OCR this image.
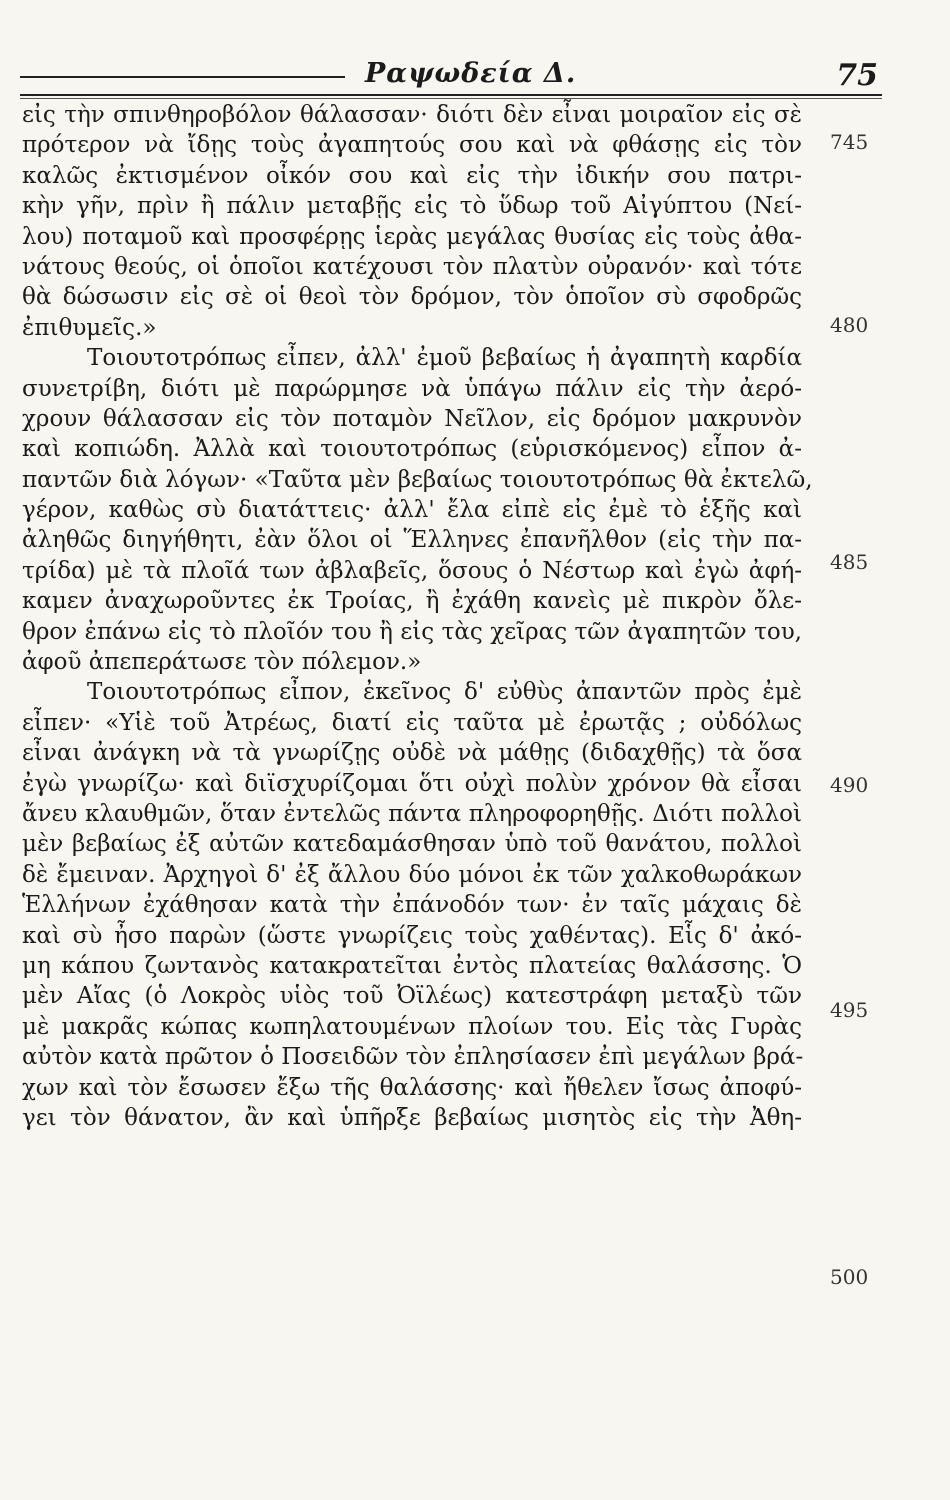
Ραψωδεία Δ.	75
εἰς τὴν σπινθηροβόλον θάλασσαν· διότι δὲν εἶναι μοιραῖον εἰς σὲ
πρότερον νὰ ἴδῃς τοὺς ἀγαπητούς σου καὶ νὰ φθάσῃς εἰς τὸν
καλῶς ἐκτισμένον οἶκόν σου καὶ εἰς τὴν ἰδικήν σου πατρι-
κὴν γῆν, πρὶν ἢ πάλιν μεταβῇς εἰς τὸ ὕδωρ τοῦ Αἰγύπτου (Νεί-
λου) ποταμοῦ καὶ προσφέρῃς ἱερὰς μεγάλας θυσίας εἰς τοὺς ἀθα-
νάτους θεούς, οἱ ὁποῖοι κατέχουσι τὸν πλατὺν οὐρανόν· καὶ τότε
θὰ δώσωσιν εἰς σὲ οἱ θεοὶ τὸν δρόμον, τὸν ὁποῖον σὺ σφοδρῶς
ἐπιθυμεῖς.»
Τοιουτοτρόπως εἶπεν, ἀλλ' ἐμοῦ βεβαίως ἡ ἀγαπητὴ καρδία
συνετρίβη, διότι μὲ παρώρμησε νὰ ὑπάγω πάλιν εἰς τὴν ἀερό-
χρουν θάλασσαν εἰς τὸν ποταμὸν Νεῖλον, εἰς δρόμον μακρυνὸν
καὶ κοπιώδη. Ἀλλὰ καὶ τοιουτοτρόπως (εὑρισκόμενος) εἶπον ἀ-
παντῶν διὰ λόγων· «Ταῦτα μὲν βεβαίως τοιουτοτρόπως θὰ ἐκτελῶ,
γέρον, καθὼς σὺ διατάττεις· ἀλλ' ἔλα εἰπὲ εἰς ἐμὲ τὸ ἑξῆς καὶ
ἀληθῶς διηγήθητι, ἐὰν ὅλοι οἱ Ἕλληνες ἐπανῆλθον (εἰς τὴν πα-
τρίδα) μὲ τὰ πλοῖά των ἀβλαβεῖς, ὅσους ὁ Νέστωρ καὶ ἐγὼ ἀφή-
καμεν ἀναχωροῦντες ἐκ Τροίας, ἢ ἐχάθη κανεὶς μὲ πικρὸν ὄλε-
θρον ἐπάνω εἰς τὸ πλοῖόν του ἢ εἰς τὰς χεῖρας τῶν ἀγαπητῶν του,
ἀφοῦ ἀπεπεράτωσε τὸν πόλεμον.»
Τοιουτοτρόπως εἶπον, ἐκεῖνος δ' εὐθὺς ἀπαντῶν πρὸς ἐμὲ
εἶπεν· «Υἱὲ τοῦ Ἀτρέως, διατί εἰς ταῦτα μὲ ἐρωτᾷς ; οὐδόλως
εἶναι ἀνάγκη νὰ τὰ γνωρίζῃς οὐδὲ νὰ μάθῃς (διδαχθῇς) τὰ ὅσα
ἐγὼ γνωρίζω· καὶ διϊσχυρίζομαι ὅτι οὐχὶ πολὺν χρόνον θὰ εἶσαι
ἄνευ κλαυθμῶν, ὅταν ἐντελῶς πάντα πληροφορηθῇς. Διότι πολλοὶ
μὲν βεβαίως ἐξ αὐτῶν κατεδαμάσθησαν ὑπὸ τοῦ θανάτου, πολλοὶ
δὲ ἔμειναν. Ἀρχηγοὶ δ' ἐξ ἄλλου δύο μόνοι ἐκ τῶν χαλκοθωράκων
Ἑλλήνων ἐχάθησαν κατὰ τὴν ἐπάνοδόν των· ἐν ταῖς μάχαις δὲ
καὶ σὺ ἦσο παρὼν (ὥστε γνωρίζεις τοὺς χαθέντας). Εἷς δ' ἀκό-
μη κάπου ζωντανὸς κατακρατεῖται ἐντὸς πλατείας θαλάσσης. Ὁ
μὲν Αἴας (ὁ Λοκρὸς υἱὸς τοῦ Ὀϊλέως) κατεστράφη μεταξὺ τῶν
μὲ μακρᾶς κώπας κωπηλατουμένων πλοίων του. Εἰς τὰς Γυρὰς
αὐτὸν κατὰ πρῶτον ὁ Ποσειδῶν τὸν ἐπλησίασεν ἐπὶ μεγάλων βρά-
χων καὶ τὸν ἔσωσεν ἔξω τῆς θαλάσσης· καὶ ἤθελεν ἴσως ἀποφύ-
γει τὸν θάνατον, ἂν καὶ ὑπῆρξε βεβαίως μισητὸς εἰς τὴν Ἀθη-
745
480
485
490
495
500
